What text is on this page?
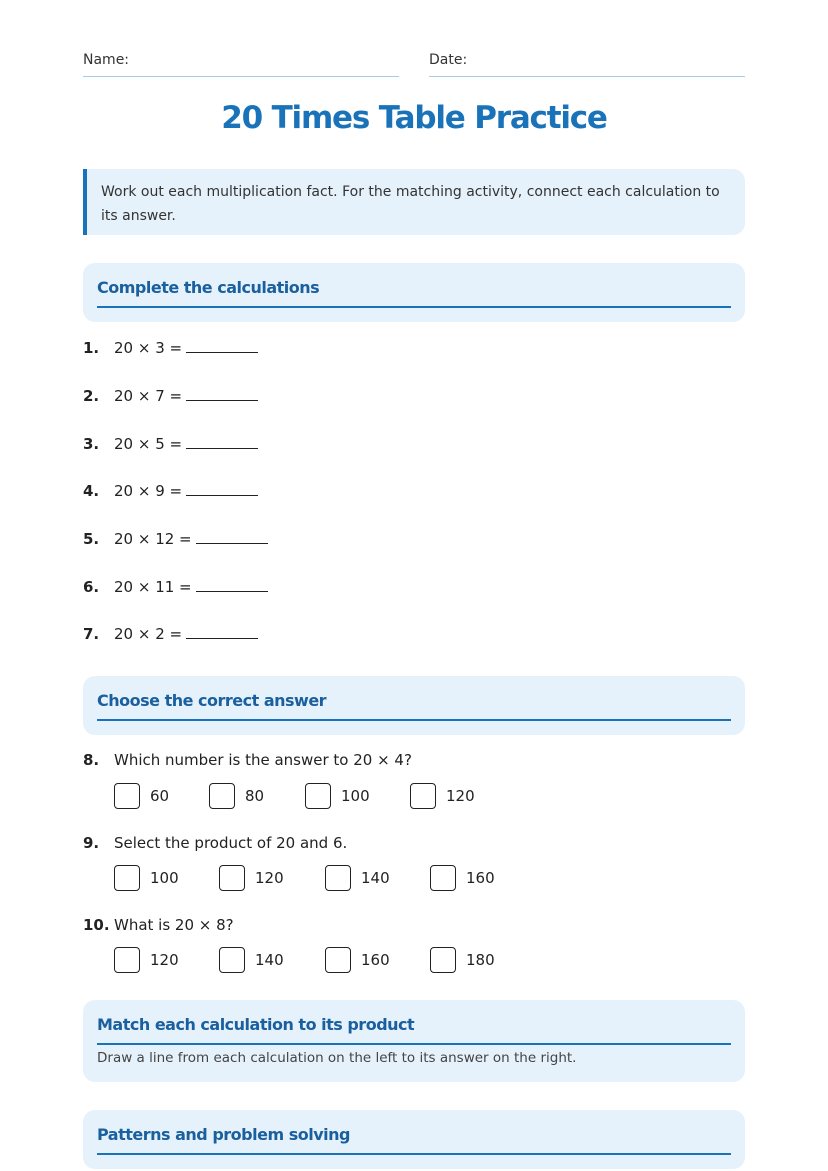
Name:	Date:
20 Times Table Practice
Work out each multiplication fact. For the matching activity, connect each calculation to its answer.
Complete the calculations
1. 20 × 3 =
2. 20 × 7 =
3. 20 × 5 =
4. 20 × 9 =
5. 20 × 12 =
6. 20 × 11 =
7. 20 × 2 =
Choose the correct answer
8. Which number is the answer to 20 × 4?
60	80	100	120
9. Select the product of 20 and 6.
100	120	140	160
10. What is 20 × 8?
120	140	160	180
Match each calculation to its product
Draw a line from each calculation on the left to its answer on the right.
Patterns and problem solving
